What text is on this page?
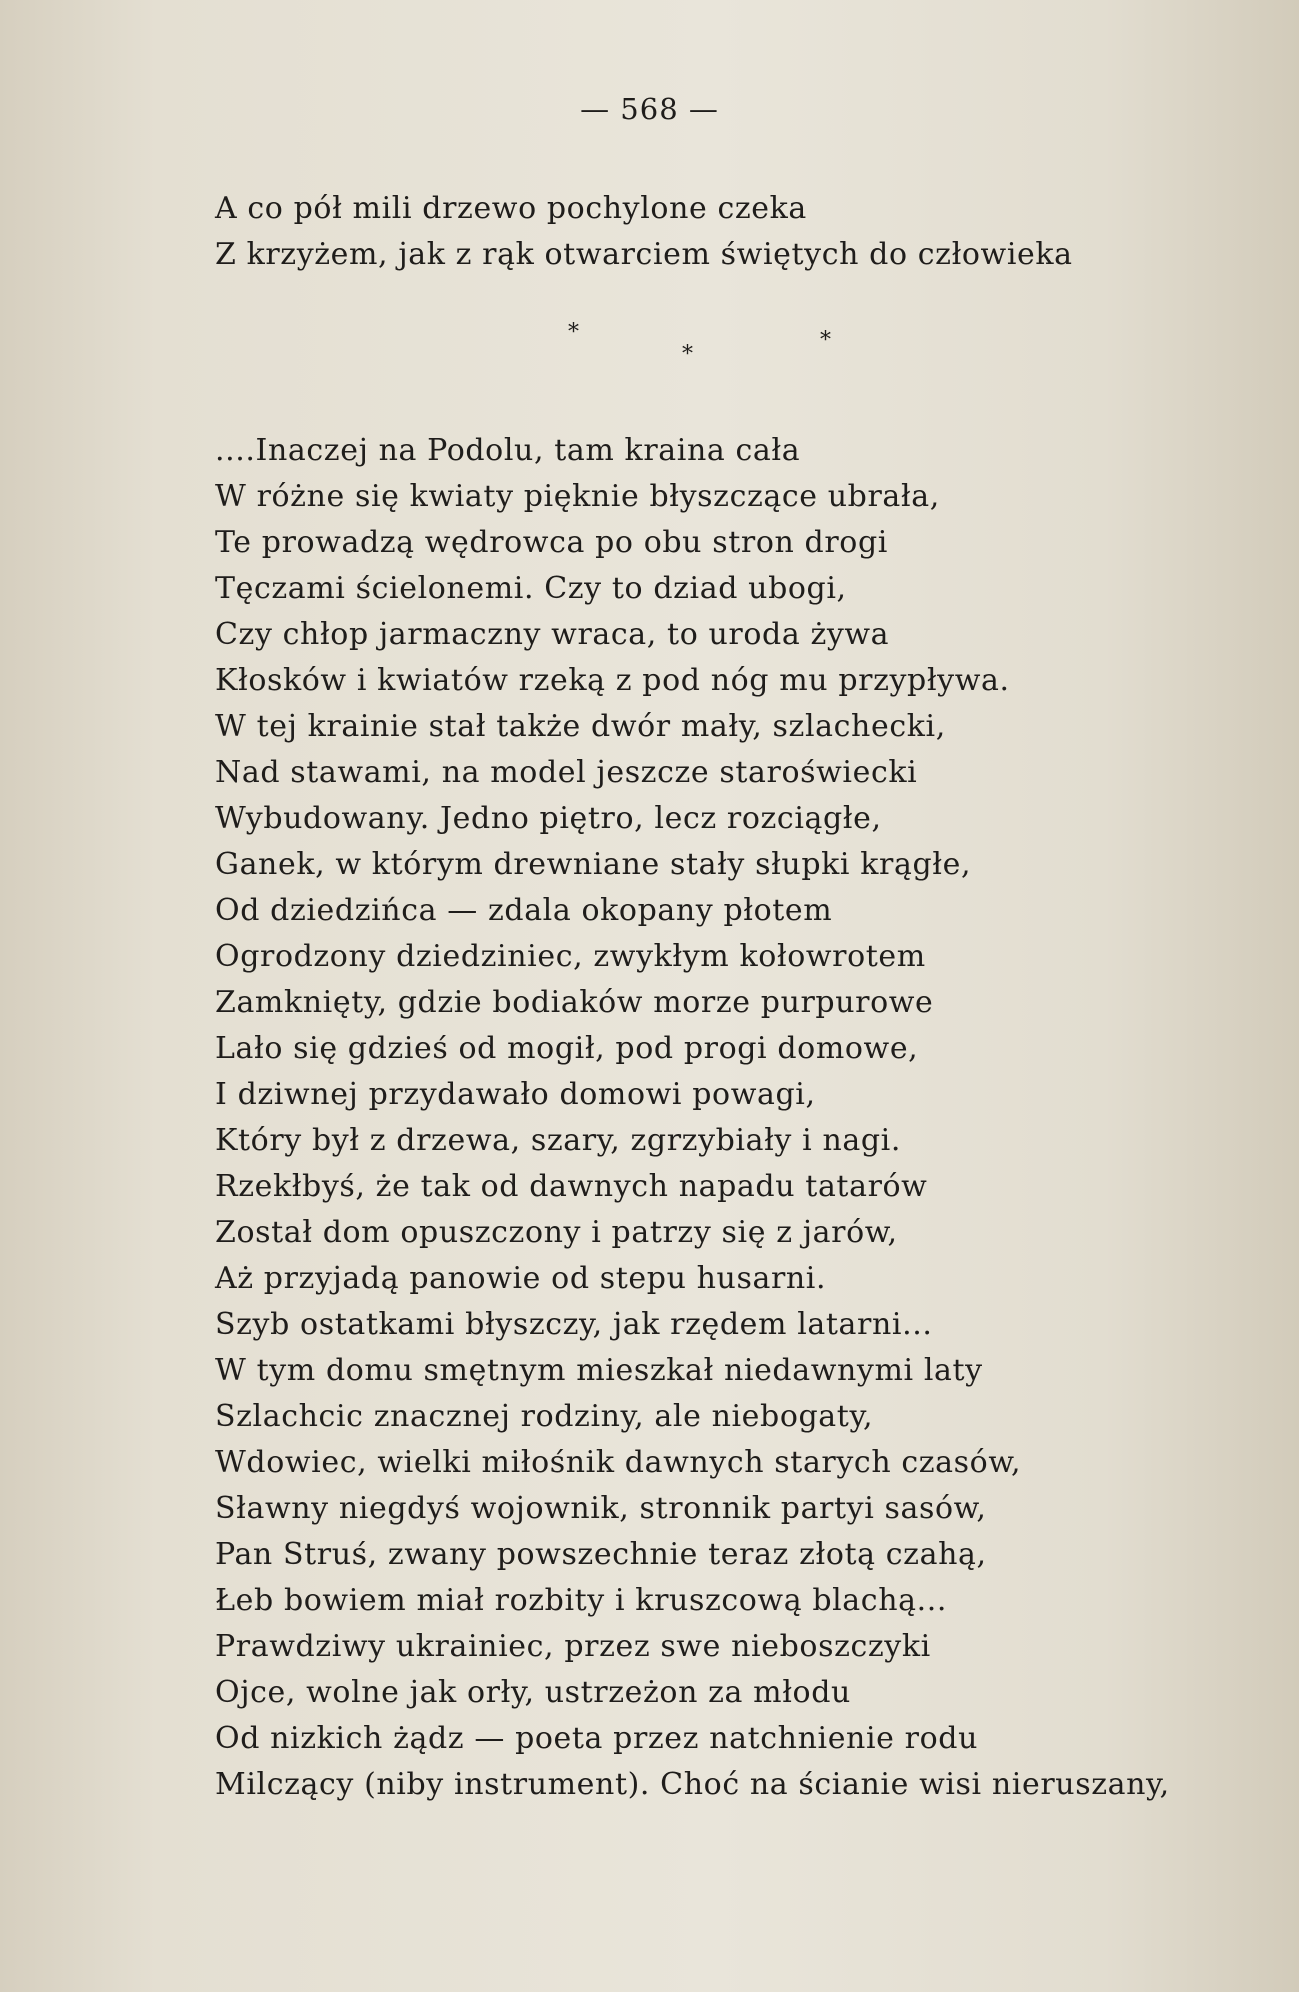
— 568 —
A co pół mili drzewo pochylone czeka
Z krzyżem, jak z rąk otwarciem świętych do człowieka
*
*
*
....Inaczej na Podolu, tam kraina cała
W różne się kwiaty pięknie błyszczące ubrała,
Te prowadzą wędrowca po obu stron drogi
Tęczami ścielonemi. Czy to dziad ubogi,
Czy chłop jarmaczny wraca, to uroda żywa
Kłosków i kwiatów rzeką z pod nóg mu przypływa.
W tej krainie stał także dwór mały, szlachecki,
Nad stawami, na model jeszcze staroświecki
Wybudowany. Jedno piętro, lecz rozciągłe,
Ganek, w którym drewniane stały słupki krągłe,
Od dziedzińca — zdala okopany płotem
Ogrodzony dziedziniec, zwykłym kołowrotem
Zamknięty, gdzie bodiaków morze purpurowe
Lało się gdzieś od mogił, pod progi domowe,
I dziwnej przydawało domowi powagi,
Który był z drzewa, szary, zgrzybiały i nagi.
Rzekłbyś, że tak od dawnych napadu tatarów
Został dom opuszczony i patrzy się z jarów,
Aż przyjadą panowie od stepu husarni.
Szyb ostatkami błyszczy, jak rzędem latarni...
W tym domu smętnym mieszkał niedawnymi laty
Szlachcic znacznej rodziny, ale niebogaty,
Wdowiec, wielki miłośnik dawnych starych czasów,
Sławny niegdyś wojownik, stronnik partyi sasów,
Pan Struś, zwany powszechnie teraz złotą czahą,
Łeb bowiem miał rozbity i kruszcową blachą...
Prawdziwy ukrainiec, przez swe nieboszczyki
Ojce, wolne jak orły, ustrzeżon za młodu
Od nizkich żądz — poeta przez natchnienie rodu
Milczący (niby instrument). Choć na ścianie wisi nieruszany,
